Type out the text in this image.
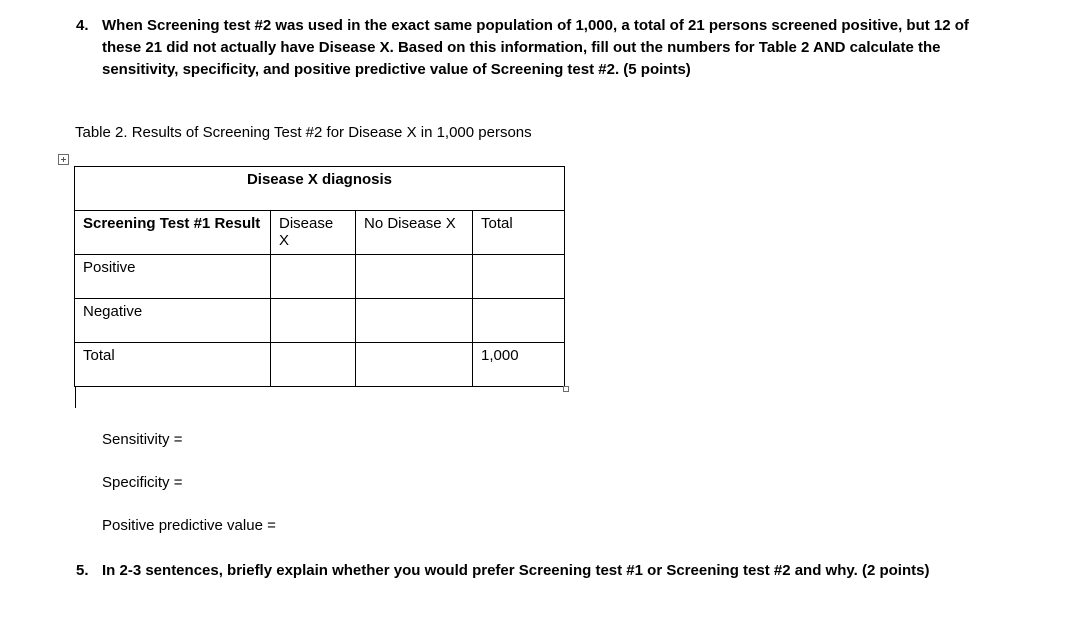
4. When Screening test #2 was used in the exact same population of 1,000, a total of 21 persons screened positive, but 12 of
these 21 did not actually have Disease X. Based on this information, fill out the numbers for Table 2 AND calculate the
sensitivity, specificity, and positive predictive value of Screening test #2. (5 points)
Table 2. Results of Screening Test #2 for Disease X in 1,000 persons
Disease X diagnosis			
Screening Test #1 Result	Disease X	No Disease X	Total
Positive			
Negative			
Total			1,000
Sensitivity =
Specificity =
Positive predictive value =
5. In 2-3 sentences, briefly explain whether you would prefer Screening test #1 or Screening test #2 and why. (2 points)
